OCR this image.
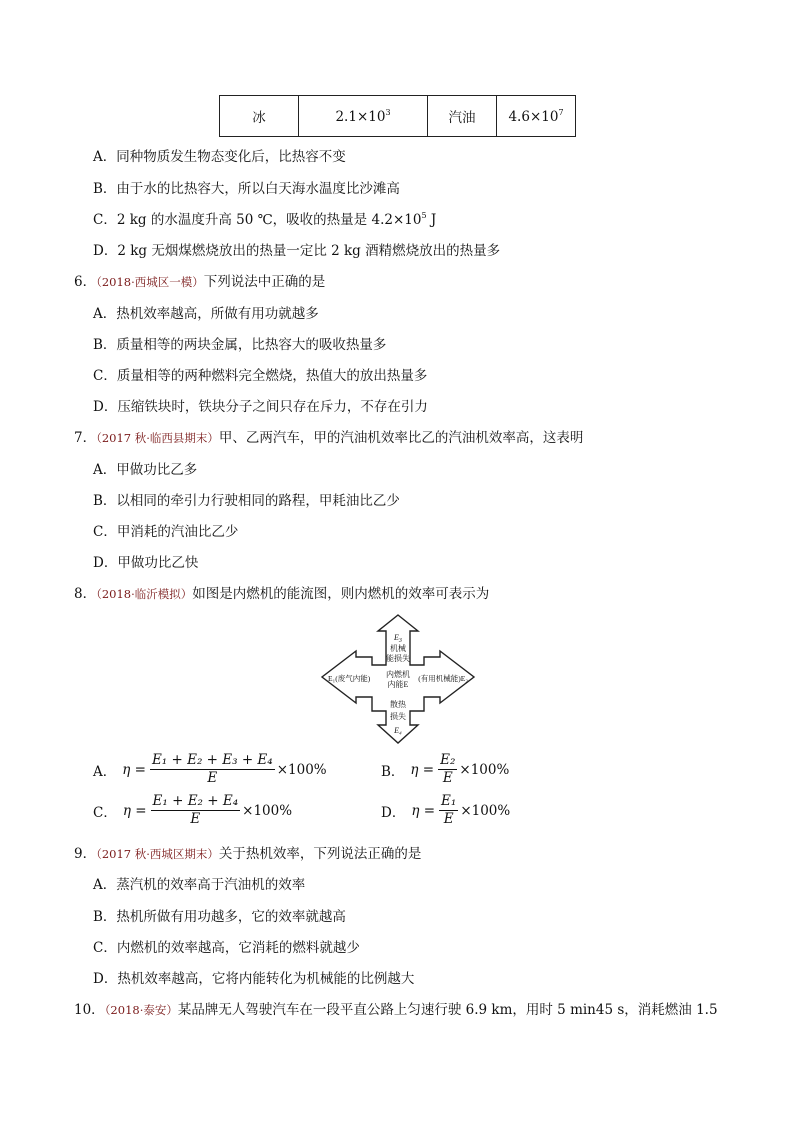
冰	$2.1\times 10^3$	汽油	$4.6\times 10^7$
A．同种物质发生物态变化后，比热容不变
B．由于水的比热容大，所以白天海水温度比沙滩高
C．2 kg 的水温度升高 50 ℃，吸收的热量是 $4.2\times 10^5$ J
D．2 kg 无烟煤燃烧放出的热量一定比 2 kg 酒精燃烧放出的热量多
6．（2018·西城区一模）下列说法中正确的是
A．热机效率越高，所做有用功就越多
B．质量相等的两块金属，比热容大的吸收热量多
C．质量相等的两种燃料完全燃烧，热值大的放出热量多
D．压缩铁块时，铁块分子之间只存在斥力，不存在引力
7．（2017 秋·临西县期末）甲、乙两汽车，甲的汽油机效率比乙的汽油机效率高，这表明
A．甲做功比乙多
B．以相同的牵引力行驶相同的路程，甲耗油比乙少
C．甲消耗的汽油比乙少
D．甲做功比乙快
8．（2018·临沂模拟）如图是内燃机的能流图，则内燃机的效率可表示为
$E_3$
机械
能损失
内燃机
内能E
E₁(废气内能)	(有用机械能)E₂
散热
损失
E₄
A． $\eta = \frac{\text{E₁ + E₂ + E₃ + E₄}}{E} \times 100\%$	B． $\eta = \frac{\text{E₂}}{E} \times 100\%$
C． $\eta = \frac{\text{E₁ + E₂ + E₄}}{E} \times 100\%$	D． $\eta = \frac{\text{E₁}}{E} \times 100\%$
9．（2017 秋·西城区期末）关于热机效率，下列说法正确的是
A．蒸汽机的效率高于汽油机的效率
B．热机所做有用功越多，它的效率就越高
C．内燃机的效率越高，它消耗的燃料就越少
D．热机效率越高，它将内能转化为机械能的比例越大
10．（2018·泰安）某品牌无人驾驶汽车在一段平直公路上匀速行驶 6.9 km，用时 5 min45 s，消耗燃油 1.5
